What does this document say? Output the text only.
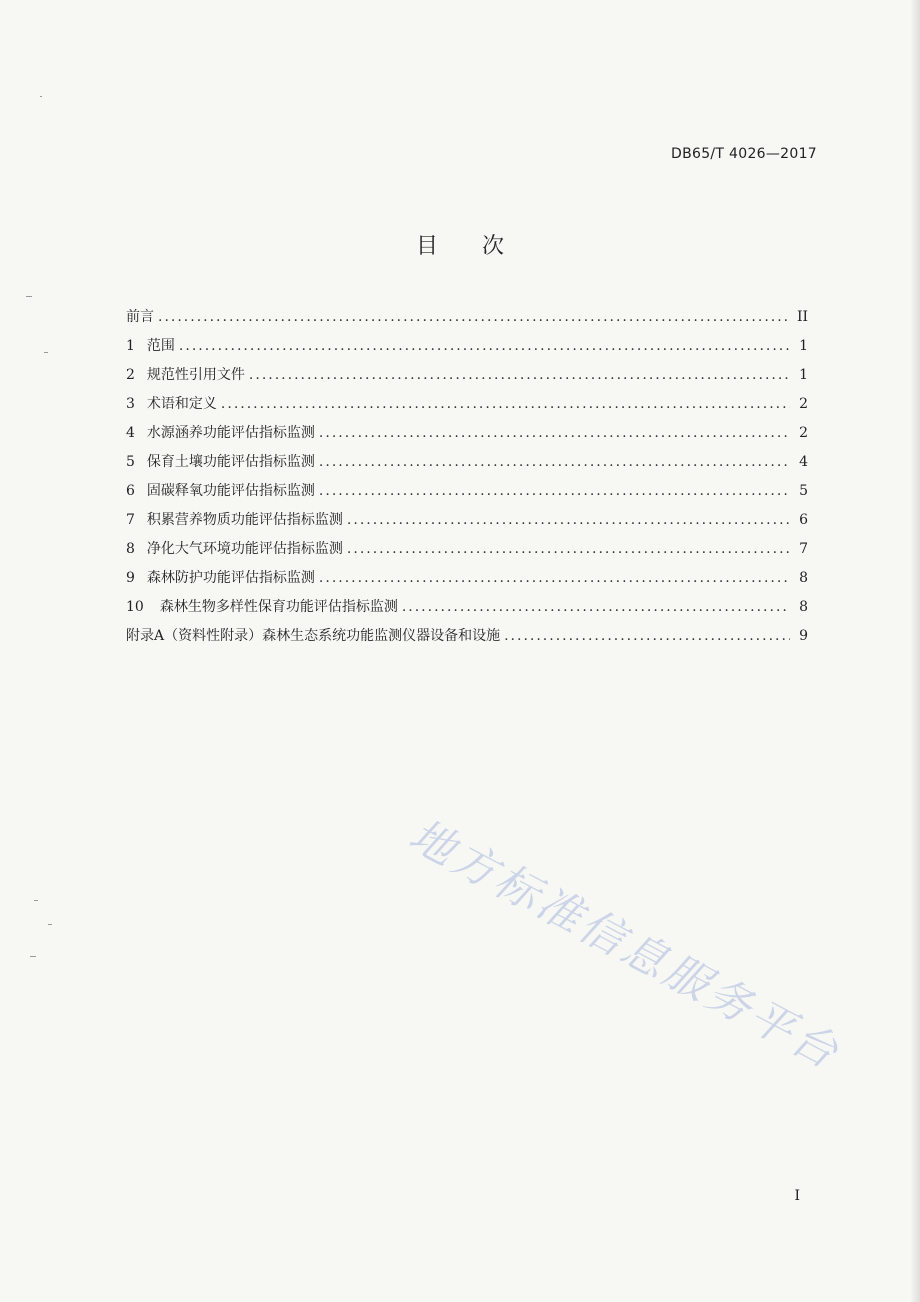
DB65/T 4026—2017
目次
前言 .....	II
1 范围 .....	1
2 规范性引用文件 .....	1
3 术语和定义 .....	2
4 水源涵养功能评估指标监测 .....	2
5 保育土壤功能评估指标监测 .....	4
6 固碳释氧功能评估指标监测 .....	5
7 积累营养物质功能评估指标监测 .....	6
8 净化大气环境功能评估指标监测 .....	7
9 森林防护功能评估指标监测 .....	8
10 森林生物多样性保育功能评估指标监测 .....	8
附录A（资料性附录）森林生态系统功能监测仪器设备和设施 .....	9
I
地方标准信息服务平台
